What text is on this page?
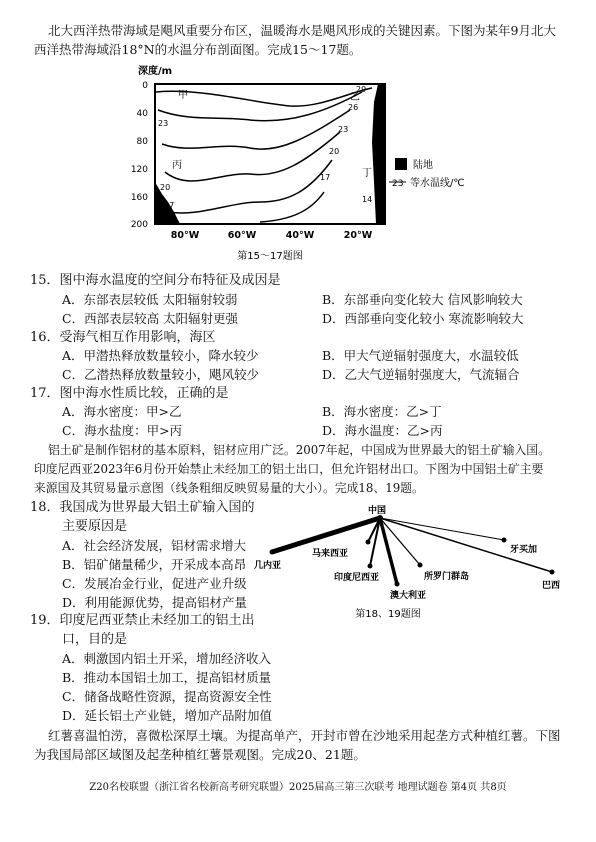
北大西洋热带海域是飓风重要分布区，温暖海水是飓风形成的关键因素。下图为某年9月北大
西洋热带海域沿18°N的水温分布剖面图。完成15～17题。
深度/m
0
40
80
120
160
200
80°W	60°W	40°W	20°W
甲	乙
丙
丁
23
20
17
14
29
26
23
20
17
14
陆地
23 等水温线/℃
第15～17题图
15．图中海水温度的空间分布特征及成因是
A．东部表层较低 太阳辐射较弱	B．东部垂向变化较大 信风影响较大
C．西部表层较高 太阳辐射更强	D．西部垂向变化较小 寒流影响较大
16．受海气相互作用影响，海区
A．甲潜热释放数量较小，降水较少	B．甲大气逆辐射强度大，水温较低
C．乙潜热释放数量较小，飓风较少	D．乙大气逆辐射强度大，气流辐合
17．图中海水性质比较，正确的是
A．海水密度：甲>乙	B．海水密度：乙>丁
C．海水盐度：甲>丙	D．海水温度：乙>丙
铝土矿是制作铝材的基本原料，铝材应用广泛。2007年起，中国成为世界最大的铝土矿输入国。
印度尼西亚2023年6月份开始禁止未经加工的铝土出口，但允许铝材出口。下图为中国铝土矿主要
来源国及其贸易量示意图（线条粗细反映贸易量的大小）。完成18、19题。
18．我国成为世界最大铝土矿输入国的
主要原因是
A．社会经济发展，铝材需求增大
B．铝矿储量稀少，开采成本高昂
C．发展冶金行业，促进产业升级
D．利用能源优势，提高铝材产量
中国
几内亚
马来西亚
印度尼西亚	所罗门群岛
澳大利亚
牙买加
巴西
第18、19题图
19．印度尼西亚禁止未经加工的铝土出
口，目的是
A．刺激国内铝土开采，增加经济收入
B．推动本国铝土加工，提高铝材质量
C．储备战略性资源，提高资源安全性
D．延长铝土产业链，增加产品附加值
红薯喜温怕涝，喜微松深厚土壤。为提高单产，开封市曾在沙地采用起垄方式种植红薯。下图
为我国局部区域图及起垄种植红薯景观图。完成20、21题。
Z20名校联盟（浙江省名校新高考研究联盟）2025届高三第三次联考 地理试题卷 第4页 共8页
